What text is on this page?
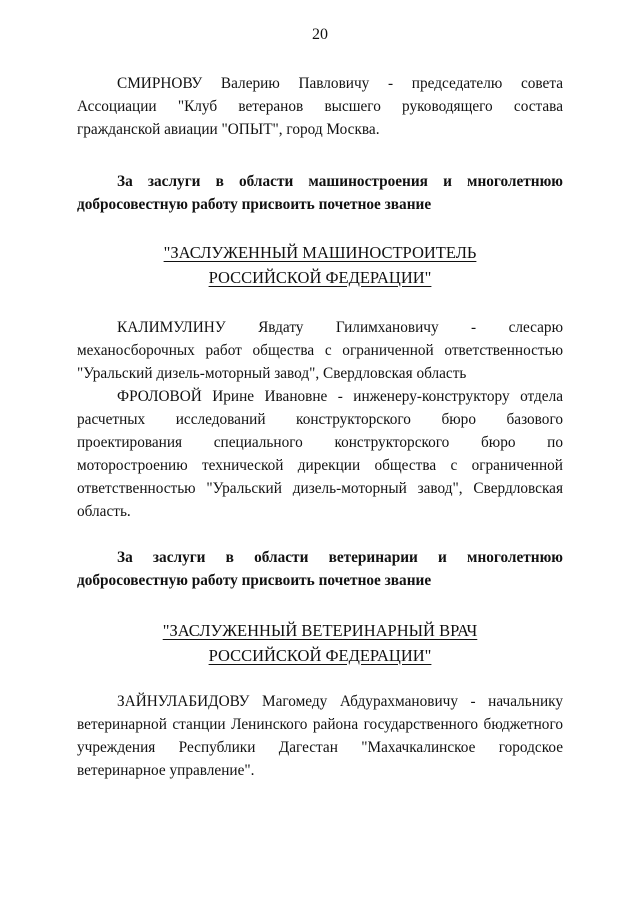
20

СМИРНОВУ Валерию Павловичу - председателю совета Ассоциации "Клуб ветеранов высшего руководящего состава гражданской авиации "ОПЫТ", город Москва.

За заслуги в области машиностроения и многолетнюю добросовестную работу присвоить почетное звание

"ЗАСЛУЖЕННЫЙ МАШИНОСТРОИТЕЛЬ
РОССИЙСКОЙ ФЕДЕРАЦИИ"

КАЛИМУЛИНУ Явдату Гилимхановичу - слесарю механосборочных работ общества с ограниченной ответственностью "Уральский дизель-моторный завод", Свердловская область

ФРОЛОВОЙ Ирине Ивановне - инженеру-конструктору отдела расчетных исследований конструкторского бюро базового проектирования специального конструкторского бюро по моторостроению технической дирекции общества с ограниченной ответственностью "Уральский дизель-моторный завод", Свердловская область.

За заслуги в области ветеринарии и многолетнюю добросовестную работу присвоить почетное звание

"ЗАСЛУЖЕННЫЙ ВЕТЕРИНАРНЫЙ ВРАЧ
РОССИЙСКОЙ ФЕДЕРАЦИИ"

ЗАЙНУЛАБИДОВУ Магомеду Абдурахмановичу - начальнику ветеринарной станции Ленинского района государственного бюджетного учреждения Республики Дагестан "Махачкалинское городское ветеринарное управление".
